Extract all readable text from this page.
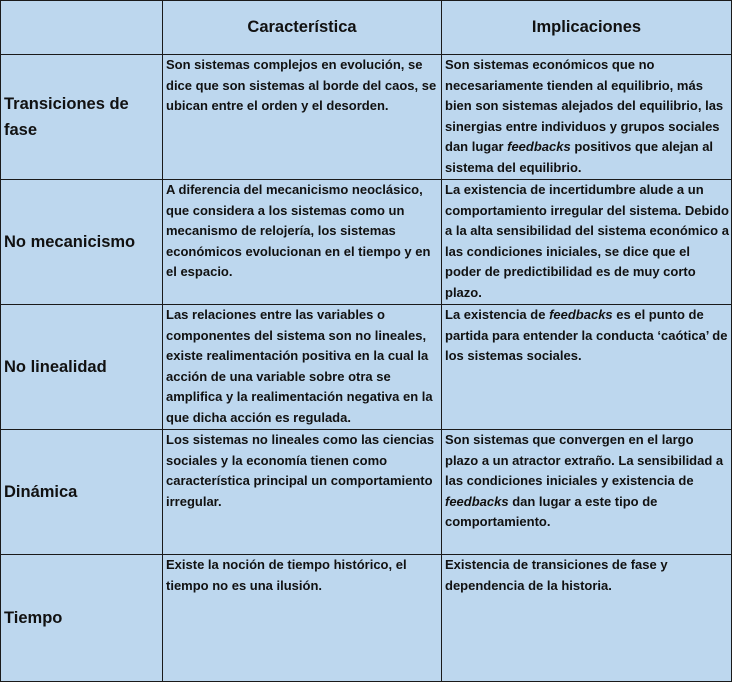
	Característica	Implicaciones
Transiciones de fase	Son sistemas complejos en evolución, se dice que son sistemas al borde del caos, se ubican entre el orden y el desorden.	Son sistemas económicos que no necesariamente tienden al equilibrio, más bien son sistemas alejados del equilibrio, las sinergias entre individuos y grupos sociales dan lugar feedbacks positivos que alejan al sistema del equilibrio.

No mecanicismo	A diferencia del mecanicismo neoclásico, que considera a los sistemas como un mecanismo de relojería, los sistemas económicos evolucionan en el tiempo y en el espacio.	La existencia de incertidumbre alude a un comportamiento irregular del sistema. Debido a la alta sensibilidad del sistema económico a las condiciones iniciales, se dice que el poder de predictibilidad es de muy corto plazo.

No linealidad	Las relaciones entre las variables o componentes del sistema son no lineales, existe realimentación positiva en la cual la acción de una variable sobre otra se amplifica y la realimentación negativa en la que dicha acción es regulada.	La existencia de feedbacks es el punto de partida para entender la conducta ‘caótica’ de los sistemas sociales.

Dinámica	Los sistemas no lineales como las ciencias sociales y la economía tienen como característica principal un comportamiento irregular.	Son sistemas que convergen en el largo plazo a un atractor extraño. La sensibilidad a las condiciones iniciales y existencia de feedbacks dan lugar a este tipo de comportamiento.

Tiempo	Existe la noción de tiempo histórico, el tiempo no es una ilusión.	Existencia de transiciones de fase y dependencia de la historia.
